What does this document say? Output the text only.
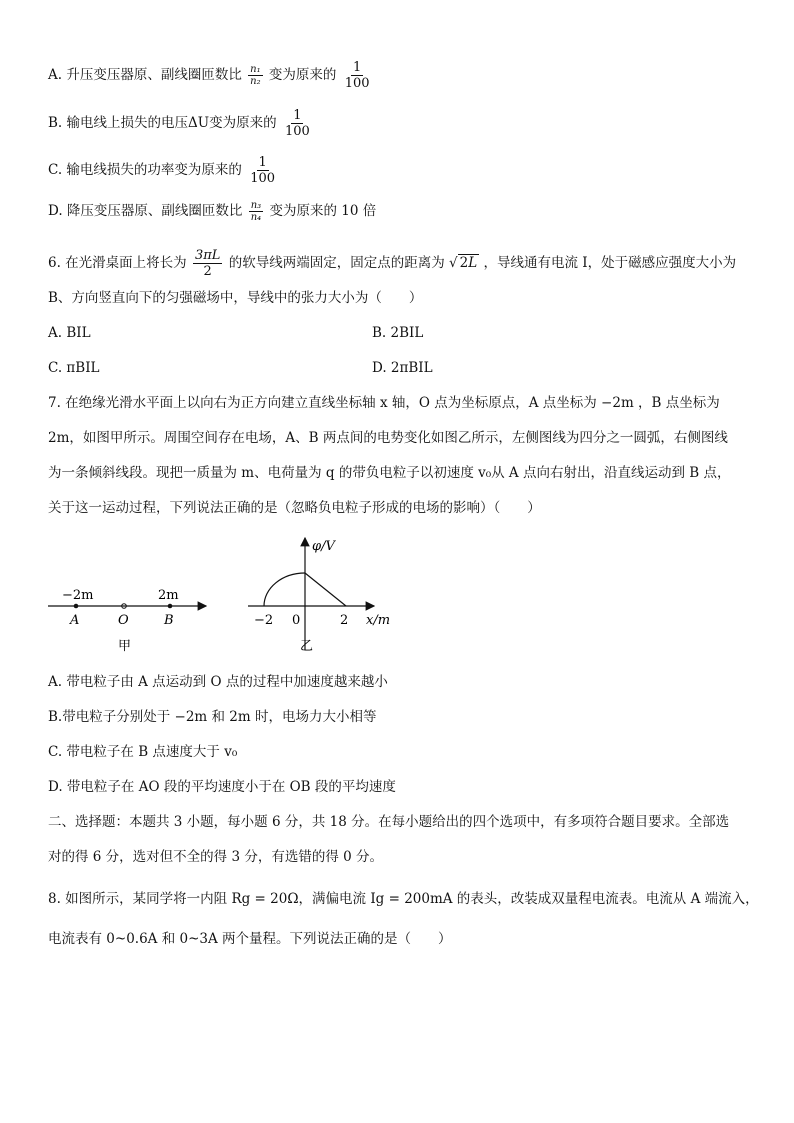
A. 升压变压器原、副线圈匝数比 $\frac{\text{n₁}}{\text{n₂}}$ 变为原来的 $\frac{1}{100}$
B. 输电线上损失的电压ΔU变为原来的 $\frac{1}{100}$
C. 输电线损失的功率变为原来的 $\frac{1}{100}$
D. 降压变压器原、副线圈匝数比 $\frac{\text{n₃}}{\text{n₄}}$ 变为原来的 10 倍
6. 在光滑桌面上将长为 $\frac{3\pi L}{2}$ 的软导线两端固定，固定点的距离为 √ 2L ，导线通有电流 I，处于磁感应强度大小为
B、方向竖直向下的匀强磁场中，导线中的张力大小为（　　）
A. BIL	B. 2BIL
C. πBIL	D. 2πBIL
7. 在绝缘光滑水平面上以向右为正方向建立直线坐标轴 x 轴，O 点为坐标原点，A 点坐标为 −2m ，B 点坐标为
2m，如图甲所示。周围空间存在电场，A、B 两点间的电势变化如图乙所示，左侧图线为四分之一圆弧，右侧图线
为一条倾斜线段。现把一质量为 m、电荷量为 q 的带负电粒子以初速度 v₀从 A 点向右射出，沿直线运动到 B 点，
关于这一运动过程，下列说法正确的是（忽略负电粒子形成的电场的影响）（　　）
−2m	2m
A	O	B
甲
φ/V
x/m
−2 0	2
乙
A. 带电粒子由 A 点运动到 O 点的过程中加速度越来越小
B.带电粒子分别处于 −2m 和 2m 时，电场力大小相等
C. 带电粒子在 B 点速度大于 v₀
D. 带电粒子在 AO 段的平均速度小于在 OB 段的平均速度
二、选择题：本题共 3 小题，每小题 6 分，共 18 分。在每小题给出的四个选项中，有多项符合题目要求。全部选
对的得 6 分，选对但不全的得 3 分，有选错的得 0 分。
8. 如图所示，某同学将一内阻 Rg = 20Ω，满偏电流 Ig = 200mA 的表头，改装成双量程电流表。电流从 A 端流入，
电流表有 0~0.6A 和 0~3A 两个量程。下列说法正确的是（　　）
